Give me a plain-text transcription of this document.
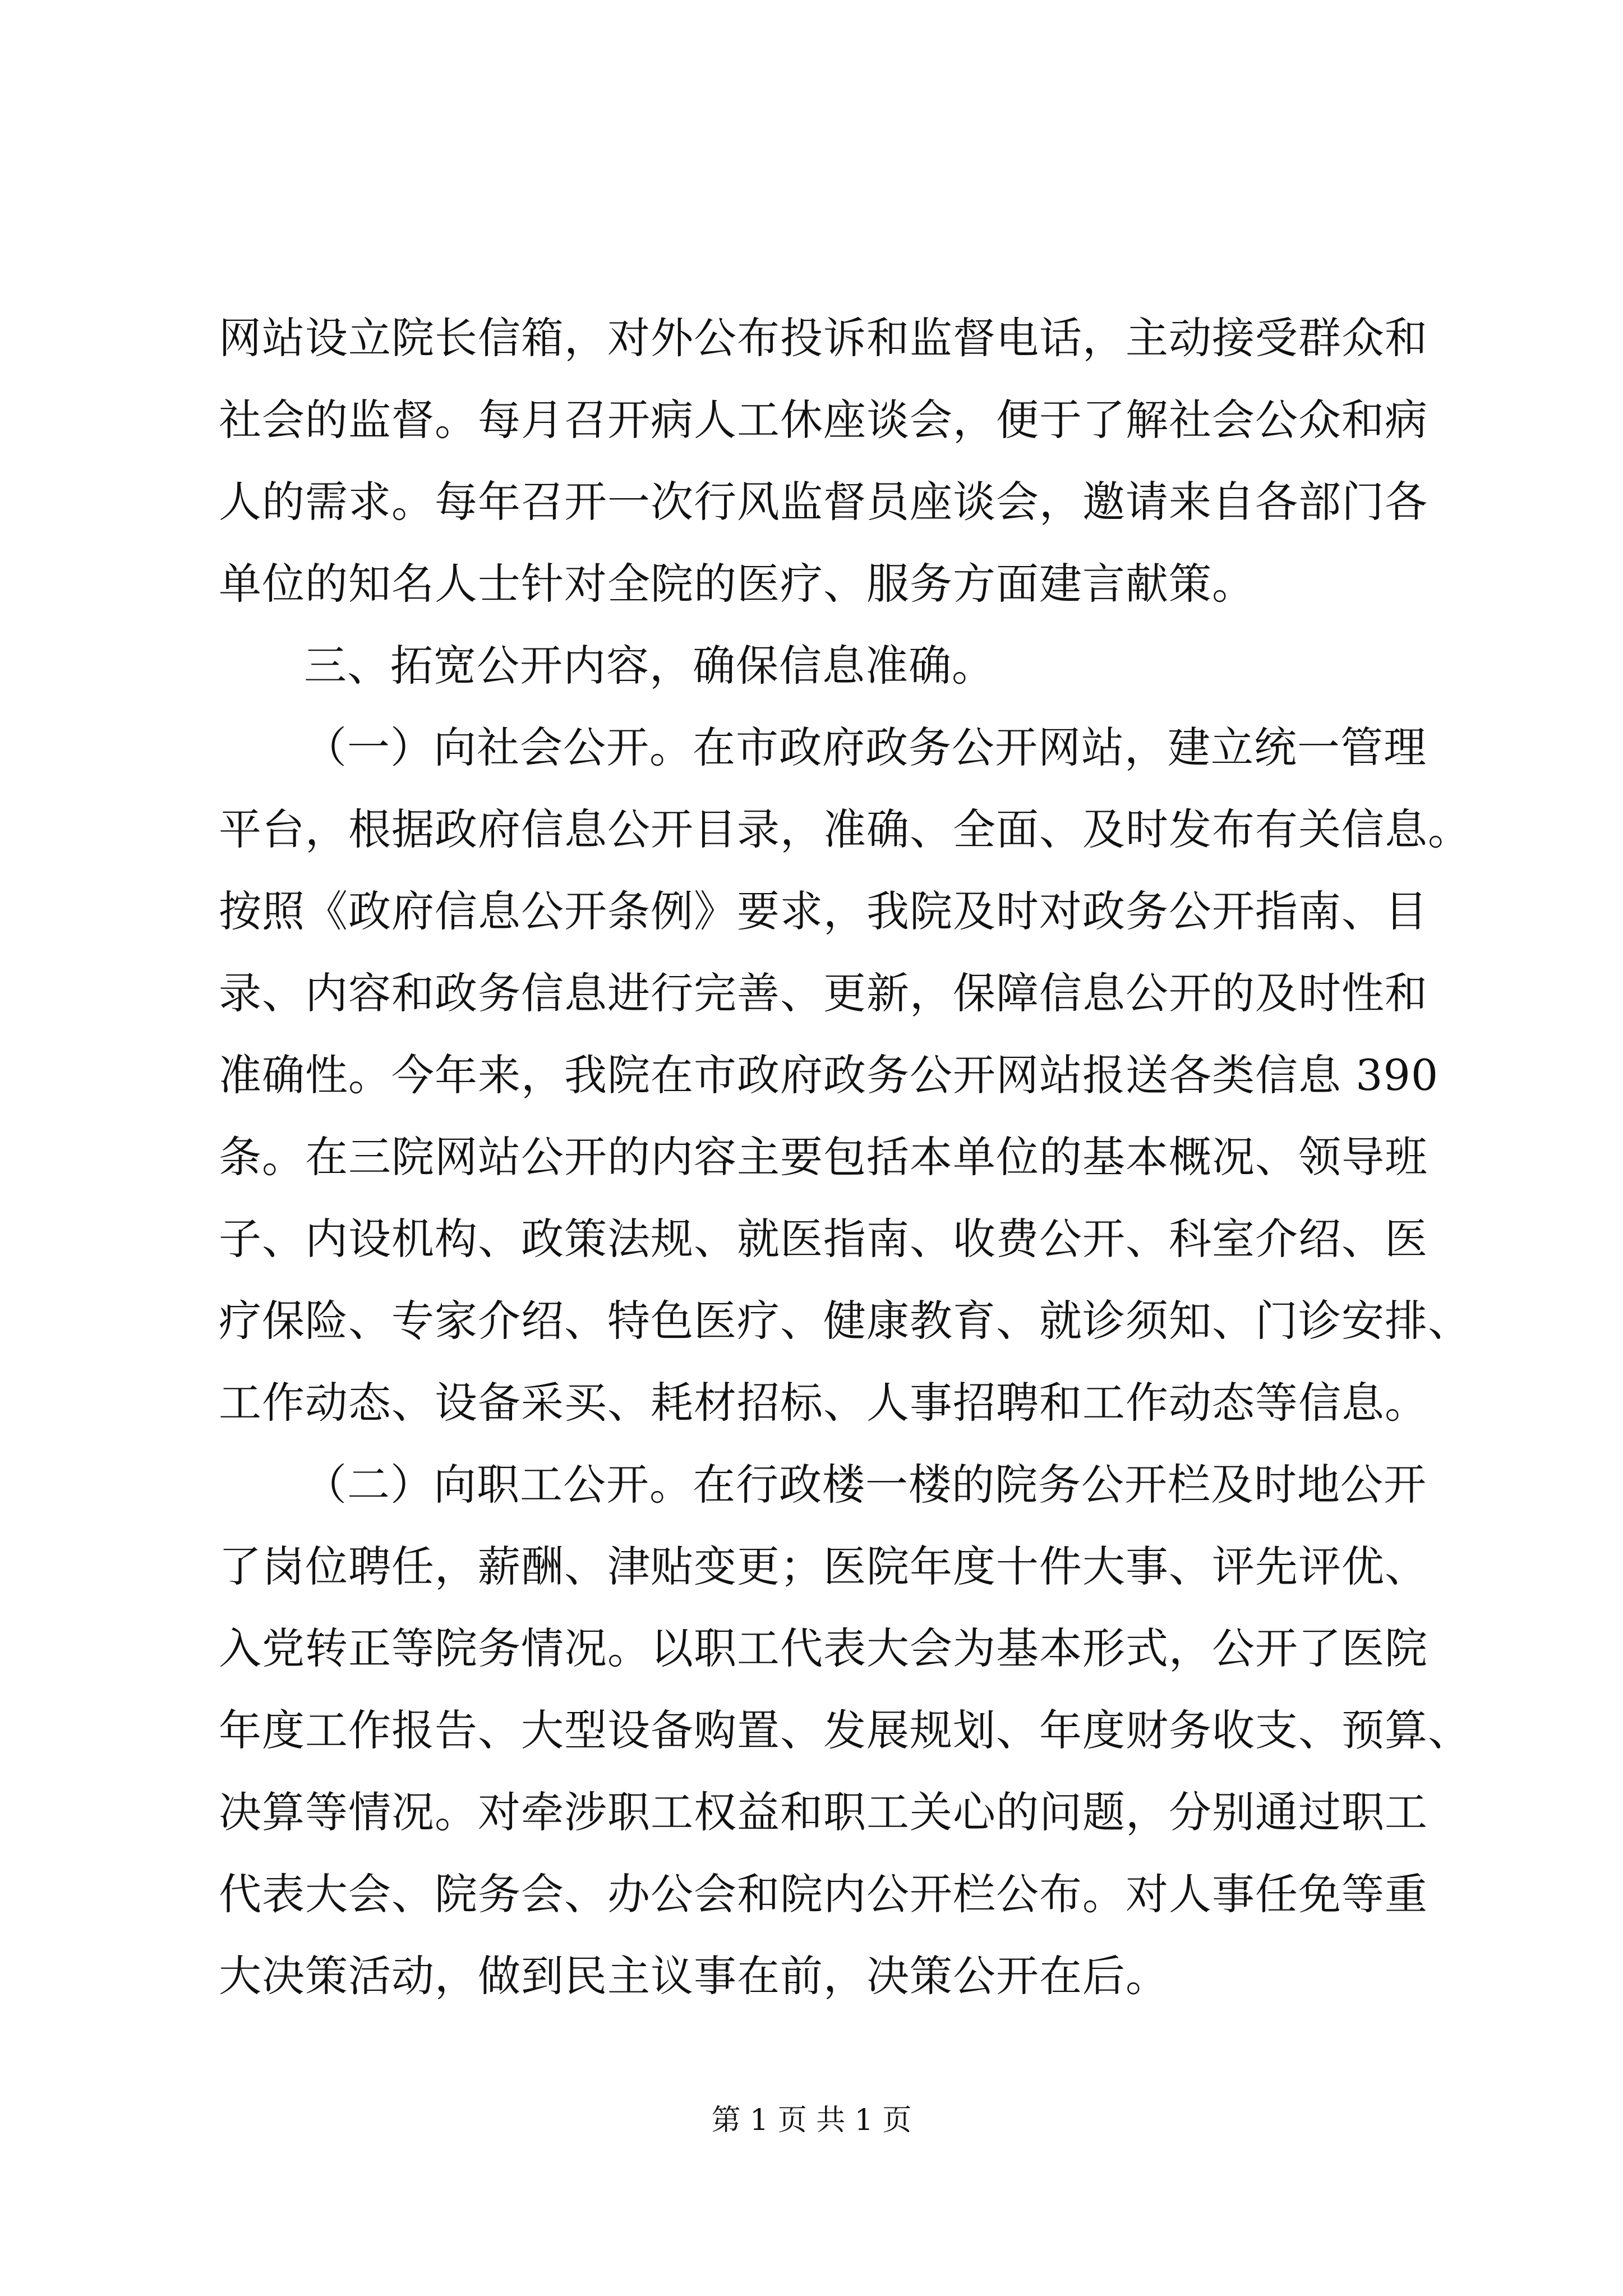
网站设立院长信箱，对外公布投诉和监督电话，主动接受群众和
社会的监督。每月召开病人工休座谈会，便于了解社会公众和病
人的需求。每年召开一次行风监督员座谈会，邀请来自各部门各
单位的知名人士针对全院的医疗、服务方面建言献策。
三、拓宽公开内容，确保信息准确。
（一）向社会公开。在市政府政务公开网站，建立统一管理
平台，根据政府信息公开目录，准确、全面、及时发布有关信息。
按照《政府信息公开条例》要求，我院及时对政务公开指南、目
录、内容和政务信息进行完善、更新，保障信息公开的及时性和
准确性。今年来，我院在市政府政务公开网站报送各类信息 390
条。在三院网站公开的内容主要包括本单位的基本概况、领导班
子、内设机构、政策法规、就医指南、收费公开、科室介绍、医
疗保险、专家介绍、特色医疗、健康教育、就诊须知、门诊安排、
工作动态、设备采买、耗材招标、人事招聘和工作动态等信息。
（二）向职工公开。在行政楼一楼的院务公开栏及时地公开
了岗位聘任，薪酬、津贴变更；医院年度十件大事、评先评优、
入党转正等院务情况。以职工代表大会为基本形式，公开了医院
年度工作报告、大型设备购置、发展规划、年度财务收支、预算、
决算等情况。对牵涉职工权益和职工关心的问题，分别通过职工
代表大会、院务会、办公会和院内公开栏公布。对人事任免等重
大决策活动，做到民主议事在前，决策公开在后。
第 1 页 共 1 页
